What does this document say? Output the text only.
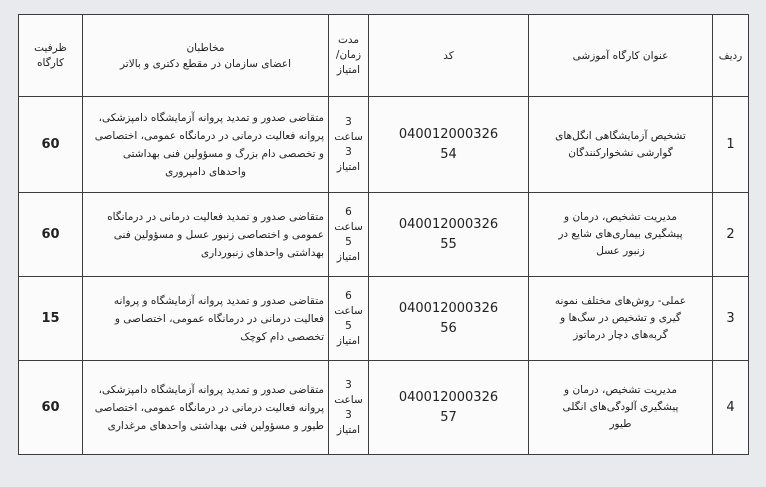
ردیف	عنوان کارگاه آموزشی	کد	مدت
زمان/
امتیاز	مخاطبان
اعضای سازمان در مقطع دکتری و بالاتر	ظرفیت
کارگاه

1	تشخیص آزمایشگاهی انگل‌های
گوارشی نشخوارکنندگان	040012000326
54	3
ساعت
3
امتیاز	متقاضی صدور و تمدید پروانه آزمایشگاه دامپزشکی،
پروانه فعالیت درمانی در درمانگاه عمومی، اختصاصی
و تخصصی دام بزرگ و مسؤولین فنی بهداشتی
واحدهای دامپروری	60
2	مدیریت تشخیص، درمان و
پیشگیری بیماری‌های شایع در
زنبور عسل	040012000326
55	6
ساعت
5
امتیاز	متقاضی صدور و تمدید فعالیت درمانی در درمانگاه
عمومی و اختصاصی زنبور عسل و مسؤولین فنی
بهداشتی واحدهای زنبورداری	60
3	عملی- روش‌های مختلف نمونه
گیری و تشخیص در سگ‌ها و
گربه‌های دچار درماتوز	040012000326
56	6
ساعت
5
امتیاز	متقاضی صدور و تمدید پروانه آزمایشگاه و پروانه
فعالیت درمانی در درمانگاه عمومی، اختصاصی و
تخصصی دام کوچک	15
4	مدیریت تشخیص، درمان و
پیشگیری آلودگی‌های انگلی
طیور	040012000326
57	3
ساعت
3
امتیاز	متقاضی صدور و تمدید پروانه آزمایشگاه دامپزشکی،
پروانه فعالیت درمانی در درمانگاه عمومی، اختصاصی
طیور و مسؤولین فنی بهداشتی واحدهای مرغداری	60
